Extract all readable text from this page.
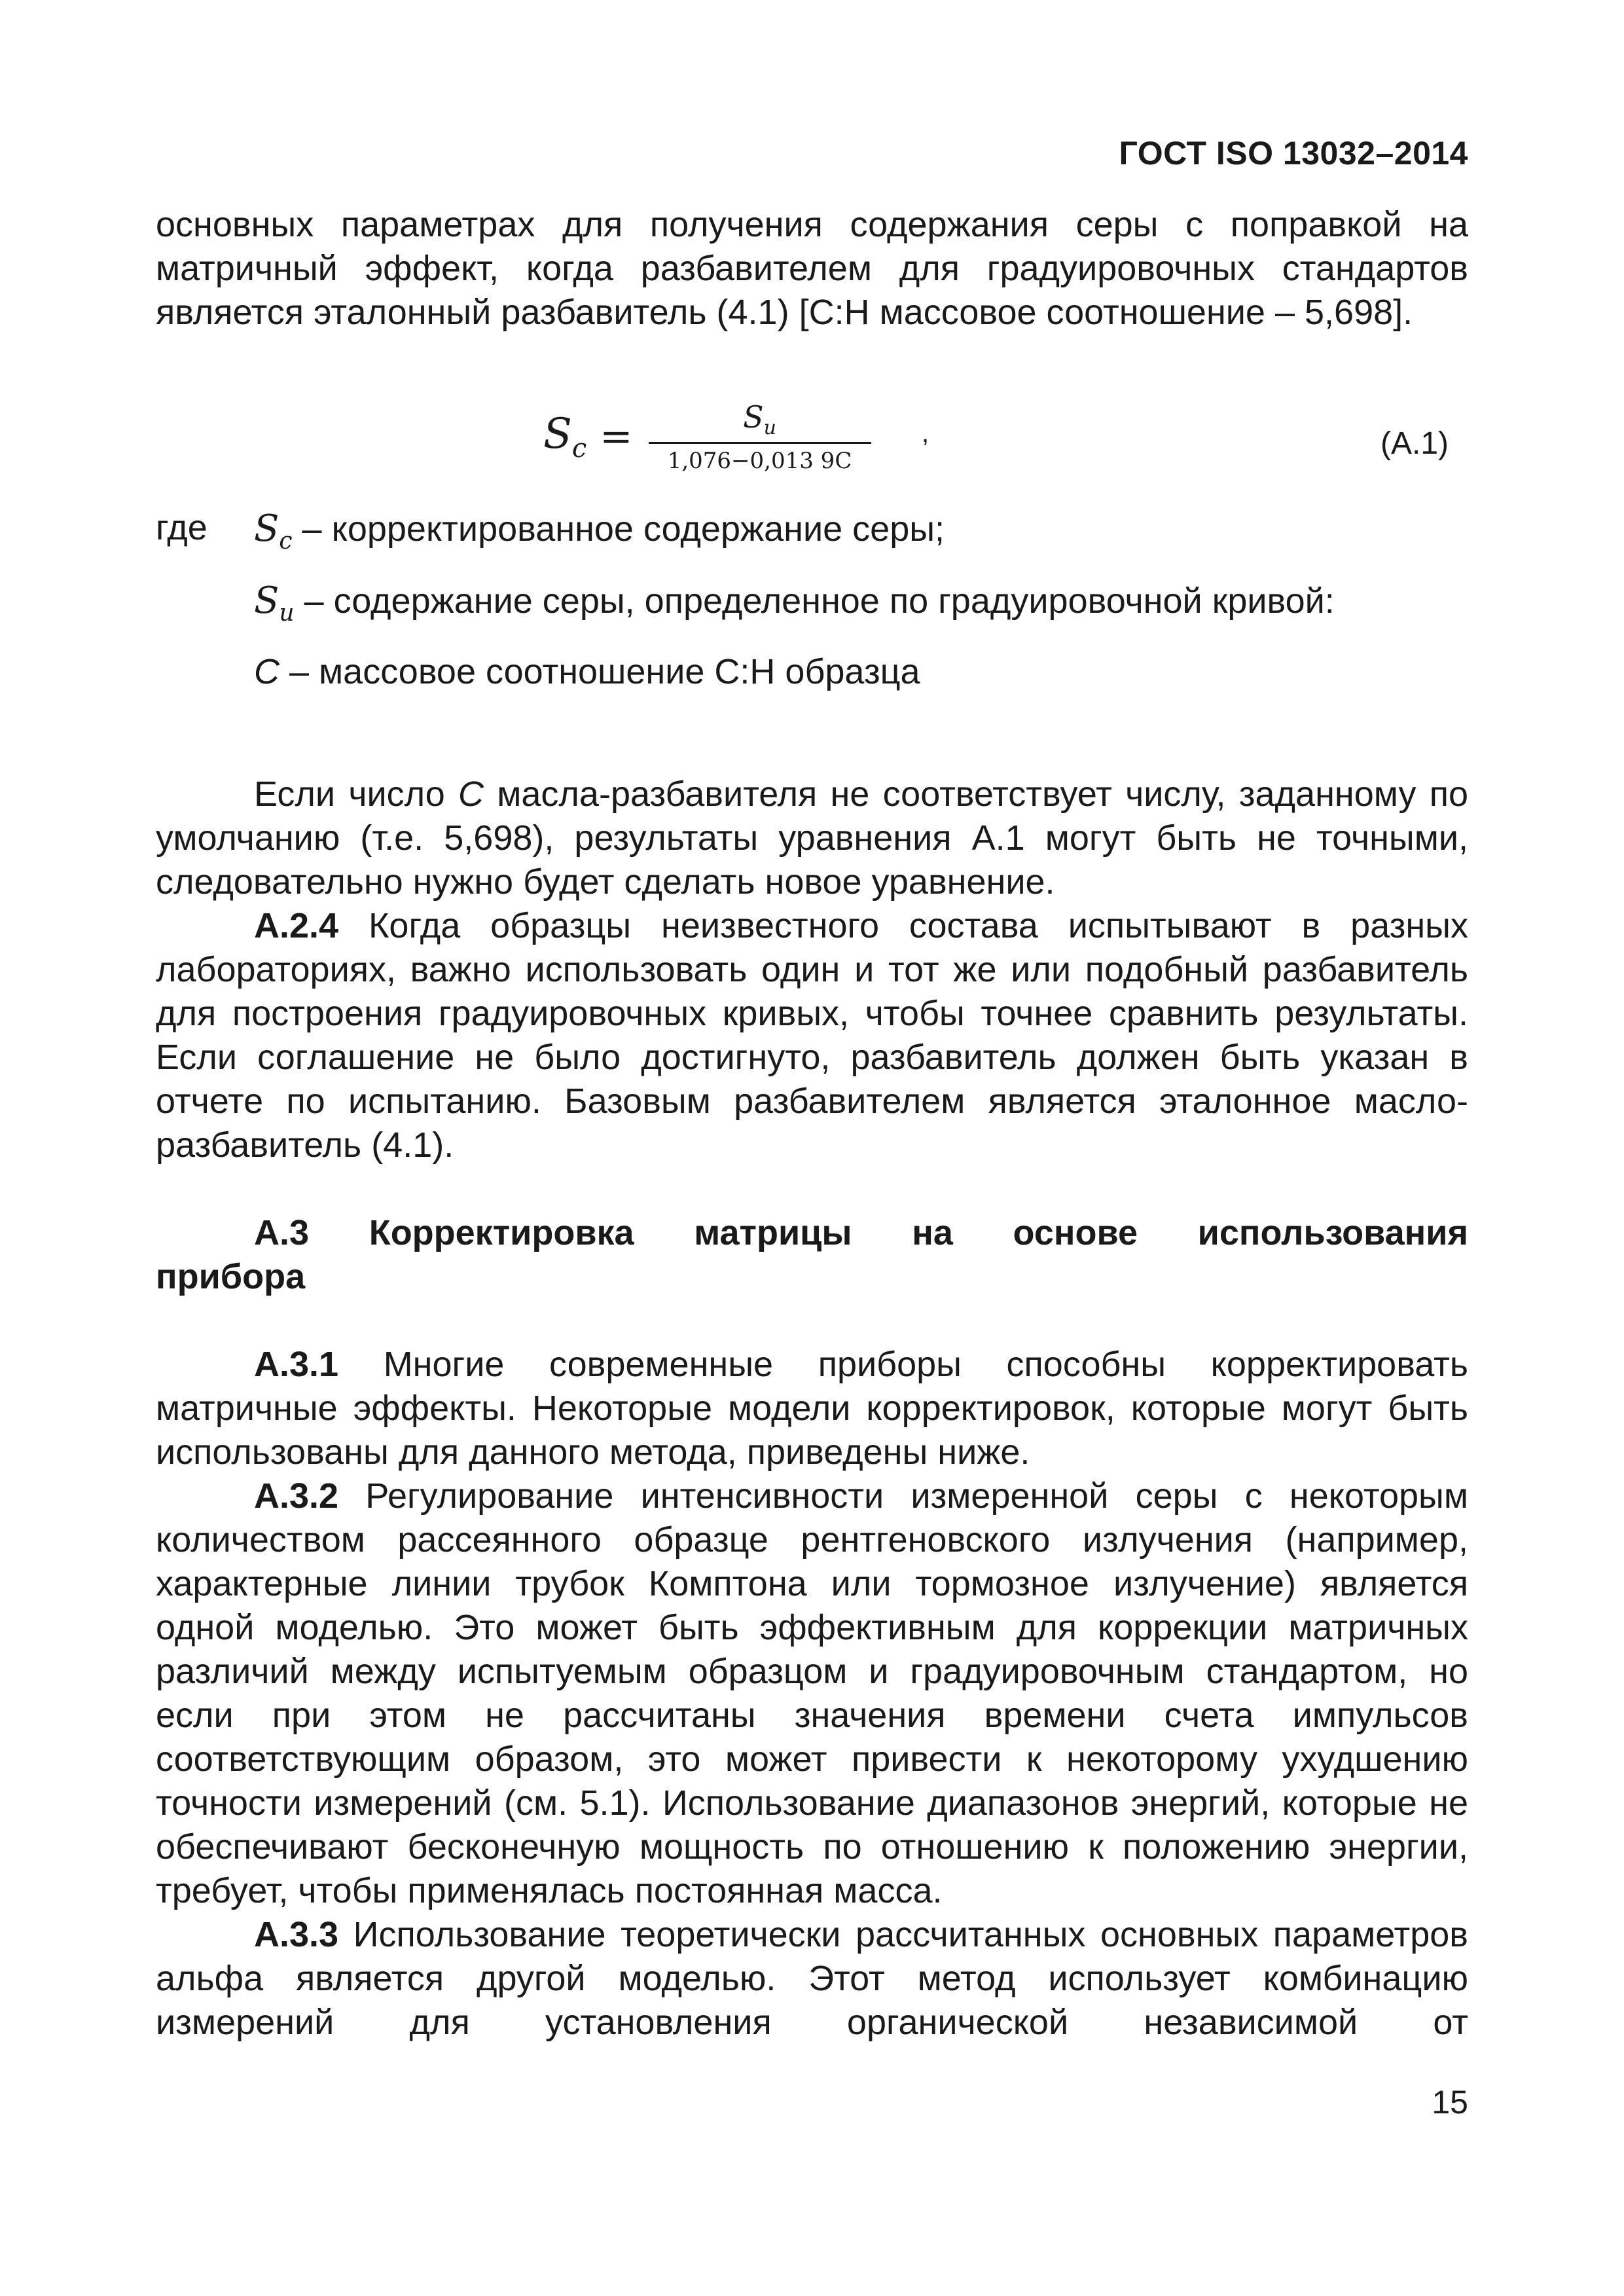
ГОСТ ISO 13032–2014

основных параметрах для получения содержания серы с поправкой на матричный эффект, когда разбавителем для градуировочных стандартов является эталонный разбавитель (4.1) [С:Н массовое соотношение – 5,698].

$S_c = \frac{S_u}{1,076-0,013 9C}$ ,	(А.1)
где $S_c$ – корректированное содержание серы;
$S_u$ – содержание серы, определенное по градуировочной кривой:
C – массовое соотношение С:Н образца

Если число С масла-разбавителя не соответствует числу, заданному по умолчанию (т.е. 5,698), результаты уравнения А.1 могут быть не точными, следовательно нужно будет сделать новое уравнение.

А.2.4 Когда образцы неизвестного состава испытывают в разных лабораториях, важно использовать один и тот же или подобный разбавитель для построения градуировочных кривых, чтобы точнее сравнить результаты. Если соглашение не было достигнуто, разбавитель должен быть указан в отчете по испытанию. Базовым разбавителем является эталонное масло-разбавитель (4.1).

А.3 Корректировка матрицы на основе использования
прибора

А.3.1 Многие современные приборы способны корректировать матричные эффекты. Некоторые модели корректировок, которые могут быть использованы для данного метода, приведены ниже.

А.3.2 Регулирование интенсивности измеренной серы с некоторым количеством рассеянного образце рентгеновского излучения (например, характерные линии трубок Комптона или тормозное излучение) является одной моделью. Это может быть эффективным для коррекции матричных различий между испытуемым образцом и градуировочным стандартом, но если при этом не рассчитаны значения времени счета импульсов соответствующим образом, это может привести к некоторому ухудшению точности измерений (см. 5.1). Использование диапазонов энергий, которые не обеспечивают бесконечную мощность по отношению к положению энергии, требует, чтобы применялась постоянная масса.

А.3.3 Использование теоретически рассчитанных основных параметров альфа является другой моделью. Этот метод использует комбинацию измерений для установления органической независимой от

15
